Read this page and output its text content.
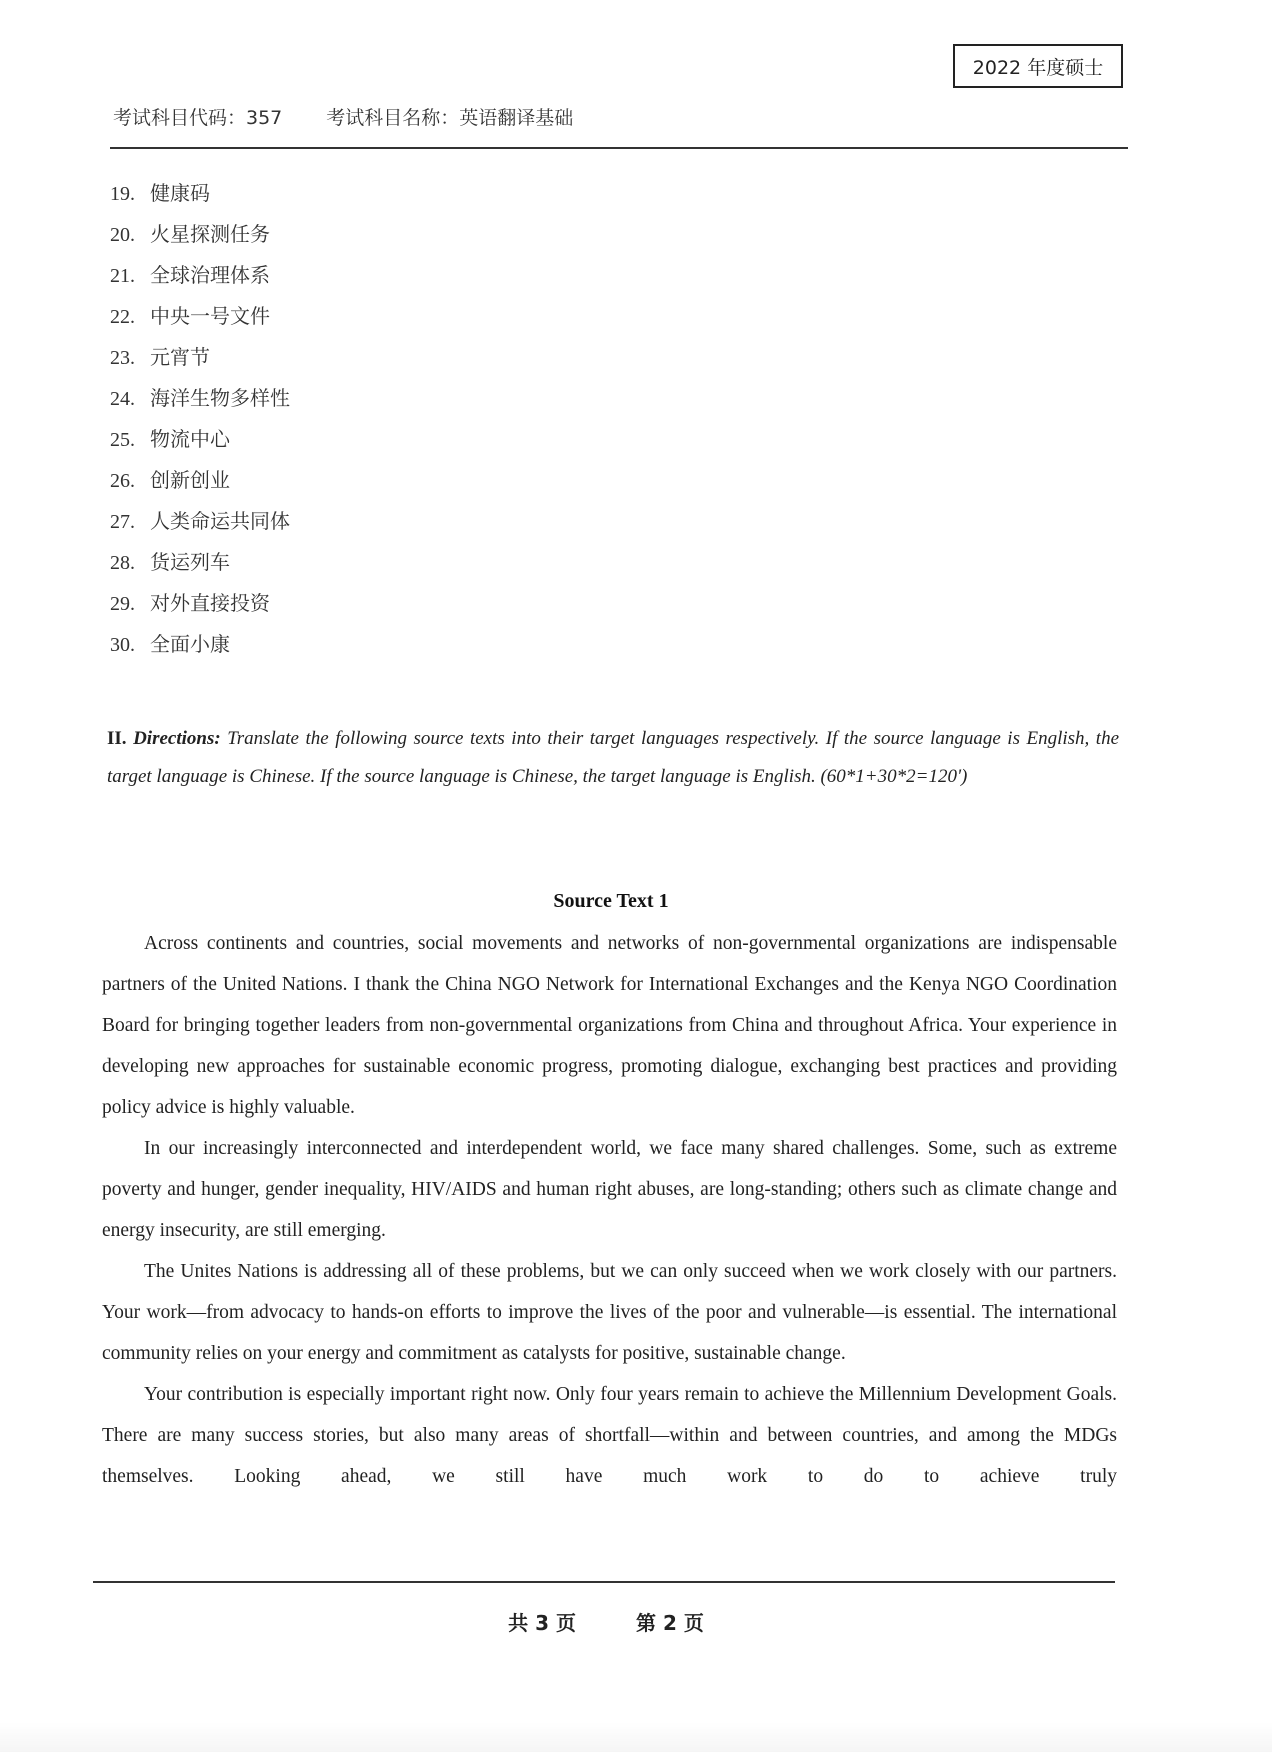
2022 年度硕士
考试科目代码：357 考试科目名称：英语翻译基础
19. 健康码
20. 火星探测任务
21. 全球治理体系
22. 中央一号文件
23. 元宵节
24. 海洋生物多样性
25. 物流中心
26. 创新创业
27. 人类命运共同体
28. 货运列车
29. 对外直接投资
30. 全面小康
II. Directions: Translate the following source texts into their target languages respectively. If the source language is English, the target language is Chinese. If the source language is Chinese, the target language is English. (60*1+30*2=120')
Source Text 1

Across continents and countries, social movements and networks of non-governmental organizations are indispensable partners of the United Nations. I thank the China NGO Network for International Exchanges and the Kenya NGO Coordination Board for bringing together leaders from non-governmental organizations from China and throughout Africa. Your experience in developing new approaches for sustainable economic progress, promoting dialogue, exchanging best practices and providing policy advice is highly valuable.

In our increasingly interconnected and interdependent world, we face many shared challenges. Some, such as extreme poverty and hunger, gender inequality, HIV/AIDS and human right abuses, are long-standing; others such as climate change and energy insecurity, are still emerging.

The Unites Nations is addressing all of these problems, but we can only succeed when we work closely with our partners. Your work—from advocacy to hands-on efforts to improve the lives of the poor and vulnerable—is essential. The international community relies on your energy and commitment as catalysts for positive, sustainable change.

Your contribution is especially important right now. Only four years remain to achieve the Millennium Development Goals. There are many success stories, but also many areas of shortfall—within and between countries, and among the MDGs themselves. Looking ahead, we still have much work to do to achieve truly

共 3 页	第 2 页
